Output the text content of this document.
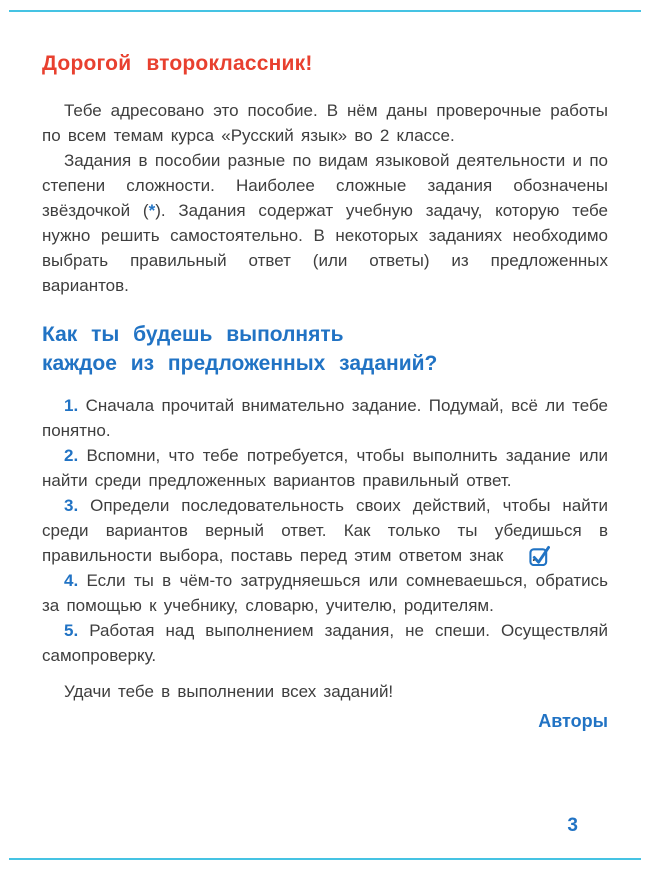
Дорогой второклассник!

Тебе адресовано это пособие. В нём даны проверочные работы по всем темам курса «Русский язык» во 2 классе.

Задания в пособии разные по видам языковой деятельности и по степени сложности. Наиболее сложные задания обозначены звёздочкой (*). Задания содержат учебную задачу, которую тебе нужно решить самостоятельно. В некоторых заданиях необходимо выбрать правильный ответ (или ответы) из предложенных вариантов.

Как ты будешь выполнять
каждое из предложенных заданий?

1. Сначала прочитай внимательно задание. Подумай, всё ли тебе понятно.

2. Вспомни, что тебе потребуется, чтобы выполнить задание или найти среди предложенных вариантов правильный ответ.

3. Определи последовательность своих действий, чтобы найти среди вариантов верный ответ. Как только ты убедишься в правильности выбора, поставь перед этим ответом знак .

4. Если ты в чём-то затрудняешься или сомневаешься, обратись за помощью к учебнику, словарю, учителю, родителям.

5. Работая над выполнением задания, не спеши. Осуществляй самопроверку.

Удачи тебе в выполнении всех заданий!

Авторы

3
